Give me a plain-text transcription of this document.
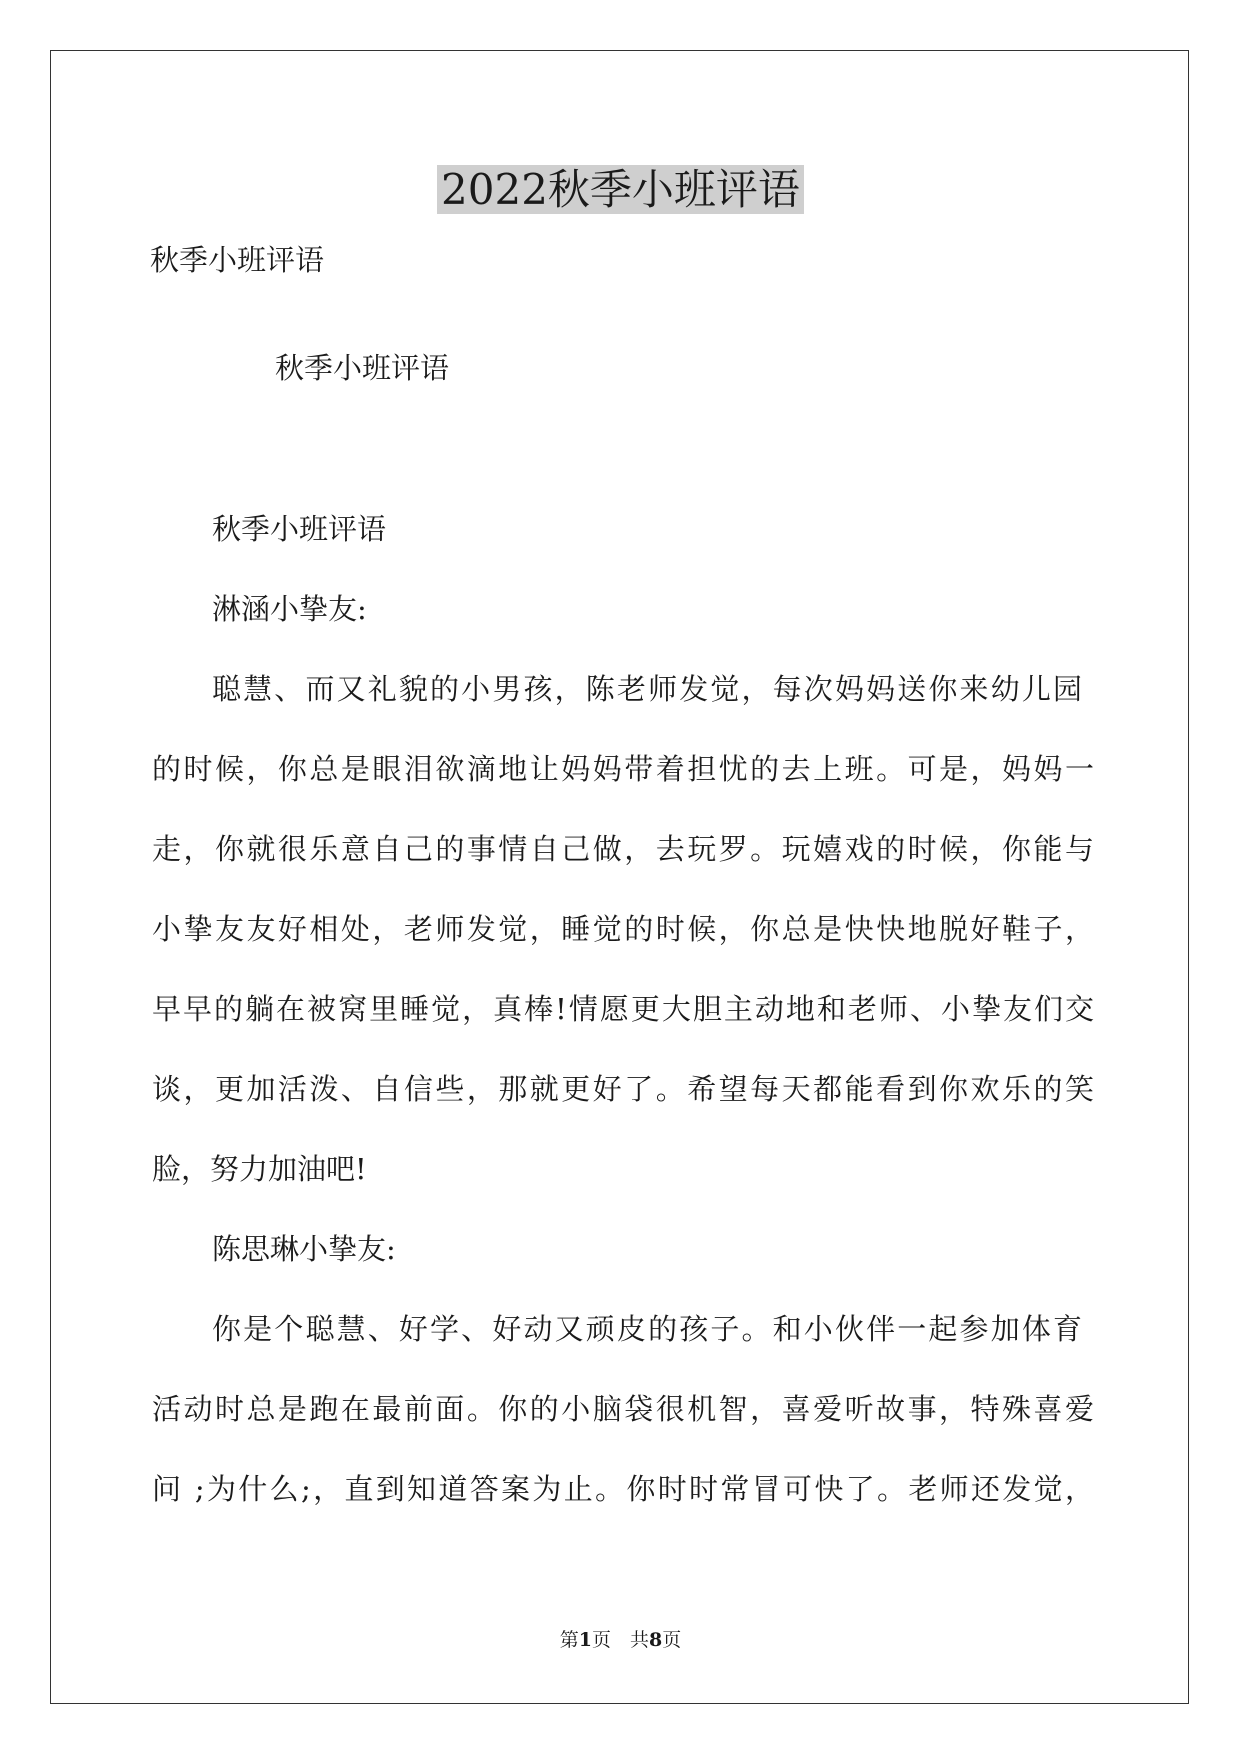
2022秋季小班评语
秋季小班评语
秋季小班评语
秋季小班评语
淋涵小挚友:
聪慧、而又礼貌的小男孩，陈老师发觉，每次妈妈送你来幼儿园
的时候，你总是眼泪欲滴地让妈妈带着担忧的去上班。可是，妈妈一
走，你就很乐意自己的事情自己做，去玩罗。玩嬉戏的时候，你能与
小挚友友好相处，老师发觉，睡觉的时候，你总是快快地脱好鞋子，
早早的躺在被窝里睡觉，真棒!情愿更大胆主动地和老师、小挚友们交
谈，更加活泼、自信些，那就更好了。希望每天都能看到你欢乐的笑
脸，努力加油吧!
陈思琳小挚友:
你是个聪慧、好学、好动又顽皮的孩子。和小伙伴一起参加体育
活动时总是跑在最前面。你的小脑袋很机智，喜爱听故事，特殊喜爱
问 ;为什么;，直到知道答案为止。你时时常冒可快了。老师还发觉，
第1页　共8页
